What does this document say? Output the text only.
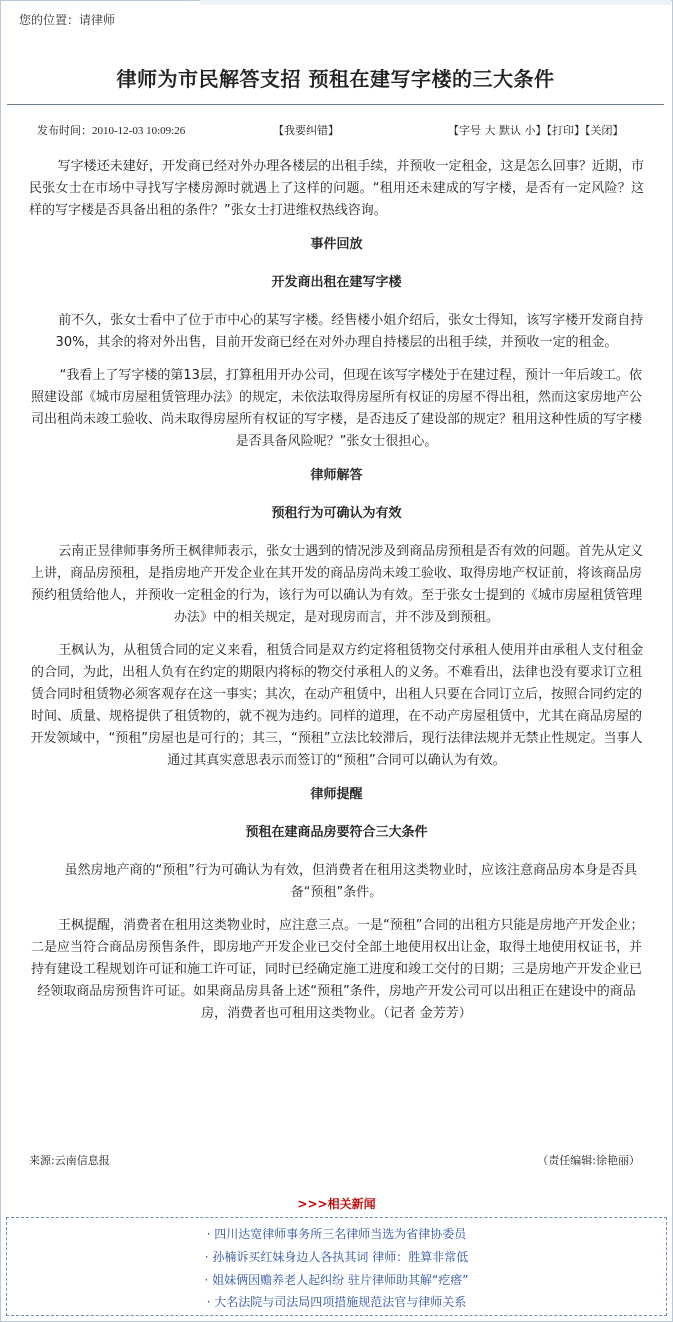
您的位置：请律师
律师为市民解答支招 预租在建写字楼的三大条件
发布时间：2010-12-03 10:09:26	【我要纠错】	【字号 大 默认 小】【打印】【关闭】

写字楼还未建好，开发商已经对外办理各楼层的出租手续，并预收一定租金，这是怎么回事？近期，市民张女士在市场中寻找写字楼房源时就遇上了这样的问题。“租用还未建成的写字楼，是否有一定风险？这样的写字楼是否具备出租的条件？”张女士打进维权热线咨询。

事件回放
开发商出租在建写字楼

前不久，张女士看中了位于市中心的某写字楼。经售楼小姐介绍后，张女士得知，该写字楼开发商自持30%，其余的将对外出售，目前开发商已经在对外办理自持楼层的出租手续，并预收一定的租金。

“我看上了写字楼的第13层，打算租用开办公司，但现在该写字楼处于在建过程，预计一年后竣工。依照建设部《城市房屋租赁管理办法》的规定，未依法取得房屋所有权证的房屋不得出租，然而这家房地产公司出租尚未竣工验收、尚未取得房屋所有权证的写字楼，是否违反了建设部的规定？租用这种性质的写字楼是否具备风险呢？”张女士很担心。

律师解答
预租行为可确认为有效

云南正昱律师事务所王枫律师表示，张女士遇到的情况涉及到商品房预租是否有效的问题。首先从定义上讲，商品房预租，是指房地产开发企业在其开发的商品房尚未竣工验收、取得房地产权证前，将该商品房预约租赁给他人，并预收一定租金的行为，该行为可以确认为有效。至于张女士提到的《城市房屋租赁管理办法》中的相关规定，是对现房而言，并不涉及到预租。

王枫认为，从租赁合同的定义来看，租赁合同是双方约定将租赁物交付承租人使用并由承租人支付租金的合同，为此，出租人负有在约定的期限内将标的物交付承租人的义务。不难看出，法律也没有要求订立租赁合同时租赁物必须客观存在这一事实；其次，在动产租赁中，出租人只要在合同订立后，按照合同约定的时间、质量、规格提供了租赁物的，就不视为违约。同样的道理，在不动产房屋租赁中，尤其在商品房屋的开发领域中，“预租”房屋也是可行的；其三，“预租”立法比较滞后，现行法律法规并无禁止性规定。当事人通过其真实意思表示而签订的“预租”合同可以确认为有效。

律师提醒
预租在建商品房要符合三大条件

虽然房地产商的“预租”行为可确认为有效，但消费者在租用这类物业时，应该注意商品房本身是否具备“预租”条件。

王枫提醒，消费者在租用这类物业时，应注意三点。一是“预租”合同的出租方只能是房地产开发企业；二是应当符合商品房预售条件，即房地产开发企业已交付全部土地使用权出让金，取得土地使用权证书，并持有建设工程规划许可证和施工许可证，同时已经确定施工进度和竣工交付的日期；三是房地产开发企业已经领取商品房预售许可证。如果商品房具备上述“预租”条件，房地产开发公司可以出租正在建设中的商品房，消费者也可租用这类物业。（记者 金芳芳）

来源:云南信息报	（责任编辑:徐艳丽）
>>>相关新闻
· 四川达宽律师事务所三名律师当选为省律协委员
· 孙楠诉买红妹身边人各执其词 律师：胜算非常低
· 姐妹俩因赡养老人起纠纷 驻片律师助其解“疙瘩”
· 大名法院与司法局四项措施规范法官与律师关系
